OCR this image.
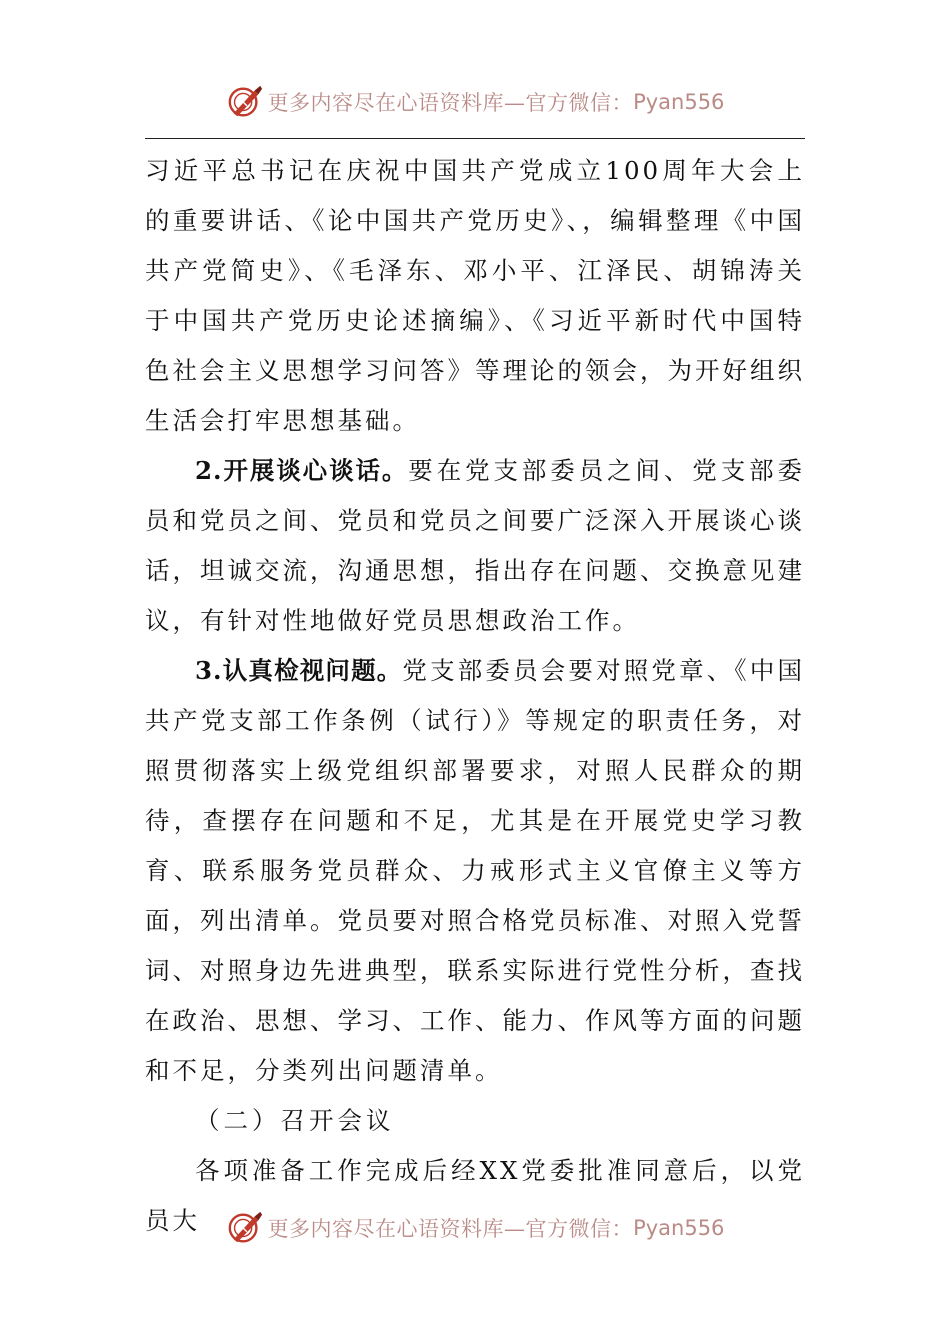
更多内容尽在心语资料库—官方微信： Pyan556

习近平总书记在庆祝中国共产党成立100周年大会上的重要讲话、《论中国共产党历史》、，编辑整理《中国共产党简史》、《毛泽东、邓小平、江泽民、胡锦涛关于中国共产党历史论述摘编》、《习近平新时代中国特色社会主义思想学习问答》等理论的领会，为开好组织生活会打牢思想基础。

2.开展谈心谈话。要在党支部委员之间、党支部委员和党员之间、党员和党员之间要广泛深入开展谈心谈话，坦诚交流，沟通思想，指出存在问题、交换意见建议，有针对性地做好党员思想政治工作。

3.认真检视问题。党支部委员会要对照党章、《中国共产党支部工作条例（试行）》等规定的职责任务，对照贯彻落实上级党组织部署要求，对照人民群众的期待，查摆存在问题和不足，尤其是在开展党史学习教育、联系服务党员群众、力戒形式主义官僚主义等方面，列出清单。党员要对照合格党员标准、对照入党誓词、对照身边先进典型，联系实际进行党性分析，查找在政治、思想、学习、工作、能力、作风等方面的问题和不足，分类列出问题清单。

（二）召开会议

各项准备工作完成后经XX党委批准同意后，以党员大	更多内容尽在心语资料库—官方微信： Pyan556
